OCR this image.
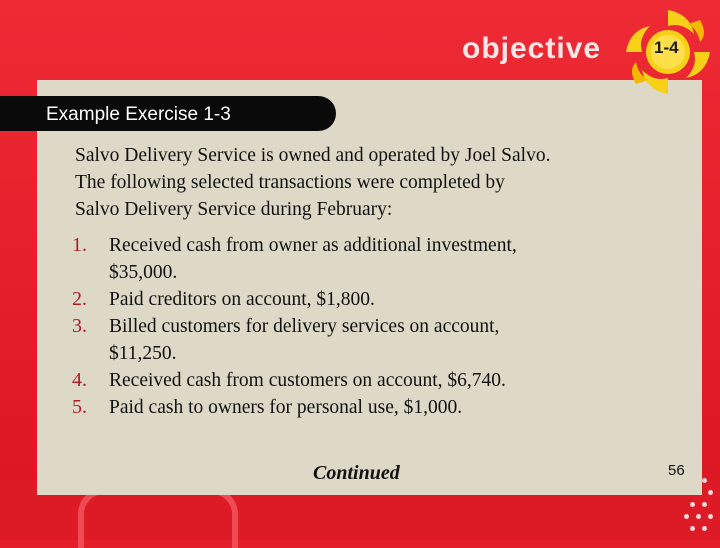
objective	1-4
Example Exercise 1-3
Salvo Delivery Service is owned and operated by Joel Salvo.
The following selected transactions were completed by
Salvo Delivery Service during February:
1. Received cash from owner as additional investment,
$35,000.
2. Paid creditors on account, $1,800.
3. Billed customers for delivery services on account,
$11,250.
4. Received cash from customers on account, $6,740.
5. Paid cash to owners for personal use, $1,000.
Continued	56
